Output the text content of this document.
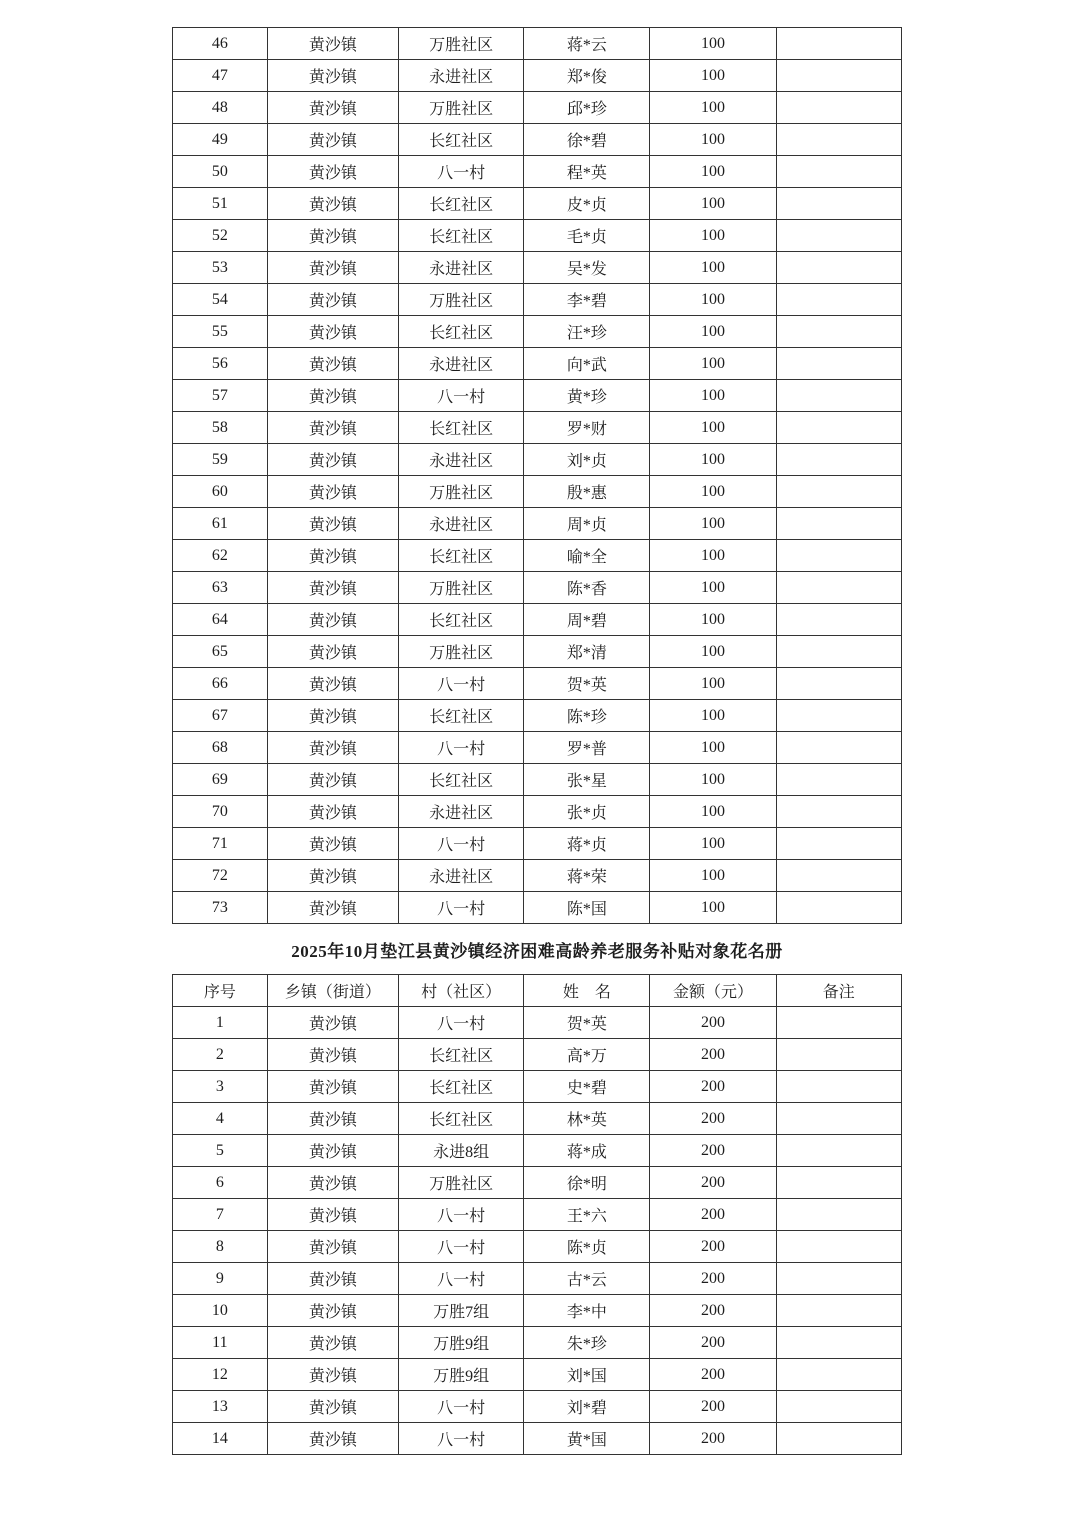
46	黄沙镇	万胜社区	蒋*云	100	
47	黄沙镇	永进社区	郑*俊	100	
48	黄沙镇	万胜社区	邱*珍	100	
49	黄沙镇	长红社区	徐*碧	100	
50	黄沙镇	八一村	程*英	100	
51	黄沙镇	长红社区	皮*贞	100	
52	黄沙镇	长红社区	毛*贞	100	
53	黄沙镇	永进社区	吴*发	100	
54	黄沙镇	万胜社区	李*碧	100	
55	黄沙镇	长红社区	汪*珍	100	
56	黄沙镇	永进社区	向*武	100	
57	黄沙镇	八一村	黄*珍	100	
58	黄沙镇	长红社区	罗*财	100	
59	黄沙镇	永进社区	刘*贞	100	
60	黄沙镇	万胜社区	殷*惠	100	
61	黄沙镇	永进社区	周*贞	100	
62	黄沙镇	长红社区	喻*全	100	
63	黄沙镇	万胜社区	陈*香	100	
64	黄沙镇	长红社区	周*碧	100	
65	黄沙镇	万胜社区	郑*清	100	
66	黄沙镇	八一村	贺*英	100	
67	黄沙镇	长红社区	陈*珍	100	
68	黄沙镇	八一村	罗*普	100	
69	黄沙镇	长红社区	张*星	100	
70	黄沙镇	永进社区	张*贞	100	
71	黄沙镇	八一村	蒋*贞	100	
72	黄沙镇	永进社区	蒋*荣	100	
73	黄沙镇	八一村	陈*国	100	
2025年10月垫江县黄沙镇经济困难高龄养老服务补贴对象花名册
序号	乡镇（街道）	村（社区）	姓　名	金额（元）	备注
1	黄沙镇	八一村	贺*英	200	
2	黄沙镇	长红社区	高*万	200	
3	黄沙镇	长红社区	史*碧	200	
4	黄沙镇	长红社区	林*英	200	
5	黄沙镇	永进8组	蒋*成	200	
6	黄沙镇	万胜社区	徐*明	200	
7	黄沙镇	八一村	王*六	200	
8	黄沙镇	八一村	陈*贞	200	
9	黄沙镇	八一村	古*云	200	
10	黄沙镇	万胜7组	李*中	200	
11	黄沙镇	万胜9组	朱*珍	200	
12	黄沙镇	万胜9组	刘*国	200	
13	黄沙镇	八一村	刘*碧	200	
14	黄沙镇	八一村	黄*国	200	
